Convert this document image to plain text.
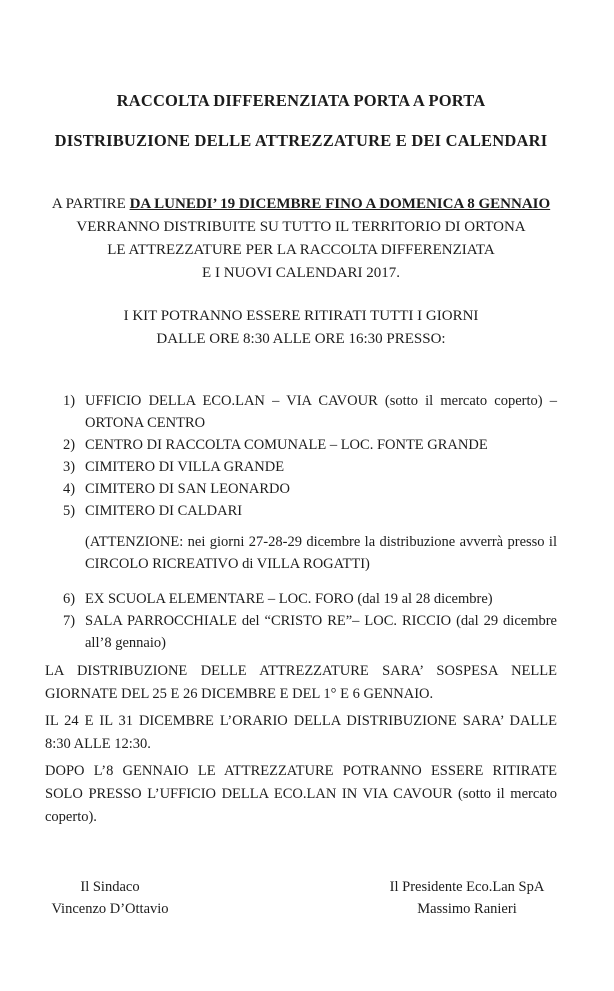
RACCOLTA DIFFERENZIATA PORTA A PORTA
DISTRIBUZIONE DELLE ATTREZZATURE E DEI CALENDARI
A PARTIRE DA LUNEDI’ 19 DICEMBRE FINO A DOMENICA 8 GENNAIO
VERRANNO DISTRIBUITE SU TUTTO IL TERRITORIO DI ORTONA
LE ATTREZZATURE PER LA RACCOLTA DIFFERENZIATA
E I NUOVI CALENDARI 2017.
I KIT POTRANNO ESSERE RITIRATI TUTTI I GIORNI
DALLE ORE 8:30 ALLE ORE 16:30 PRESSO:
1) UFFICIO DELLA ECO.LAN – VIA CAVOUR (sotto il mercato coperto) – ORTONA CENTRO
2) CENTRO DI RACCOLTA COMUNALE – LOC. FONTE GRANDE
3) CIMITERO DI VILLA GRANDE
4) CIMITERO DI SAN LEONARDO
5) CIMITERO DI CALDARI
(ATTENZIONE: nei giorni 27-28-29 dicembre la distribuzione avverrà presso il CIRCOLO RICREATIVO di VILLA ROGATTI)
6) EX SCUOLA ELEMENTARE – LOC. FORO (dal 19 al 28 dicembre)
7) SALA PARROCCHIALE del “CRISTO RE”– LOC. RICCIO (dal 29 dicembre all’8 gennaio)

LA DISTRIBUZIONE DELLE ATTREZZATURE SARA’ SOSPESA NELLE GIORNATE DEL 25 E 26 DICEMBRE E DEL 1° E 6 GENNAIO.

IL 24 E IL 31 DICEMBRE L’ORARIO DELLA DISTRIBUZIONE SARA’ DALLE 8:30 ALLE 12:30.

DOPO L’8 GENNAIO LE ATTREZZATURE POTRANNO ESSERE RITIRATE SOLO PRESSO L’UFFICIO DELLA ECO.LAN IN VIA CAVOUR (sotto il mercato coperto).

Il Sindaco
Vincenzo D’Ottavio
Il Presidente Eco.Lan SpA
Massimo Ranieri
